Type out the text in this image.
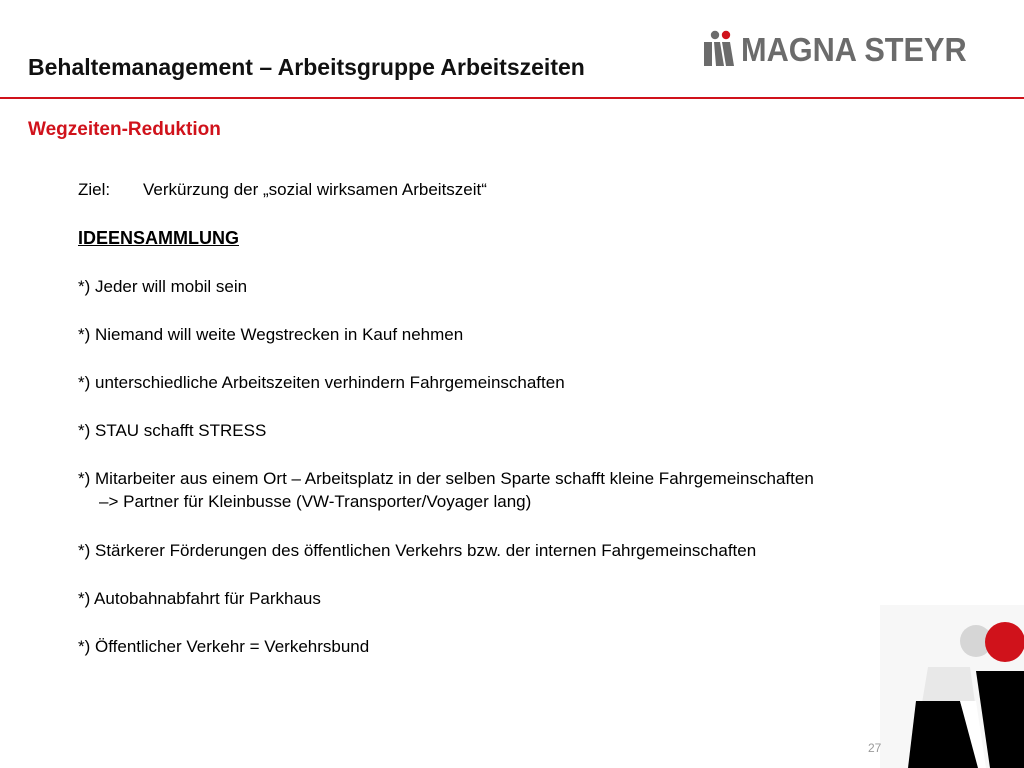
Behaltemanagement – Arbeitsgruppe Arbeitszeiten	MAGNA STEYR
Wegzeiten-Reduktion
Ziel: Verkürzung der „sozial wirksamen Arbeitszeit“
IDEENSAMMLUNG
*) Jeder will mobil sein
*) Niemand will weite Wegstrecken in Kauf nehmen
*) unterschiedliche Arbeitszeiten verhindern Fahrgemeinschaften
*) STAU schafft STRESS
*) Mitarbeiter aus einem Ort – Arbeitsplatz in der selben Sparte schafft kleine Fahrgemeinschaften
–> Partner für Kleinbusse (VW-Transporter/Voyager lang)
*) Stärkerer Förderungen des öffentlichen Verkehrs bzw. der internen Fahrgemeinschaften
*) Autobahnabfahrt für Parkhaus
*) Öffentlicher Verkehr = Verkehrsbund
27
